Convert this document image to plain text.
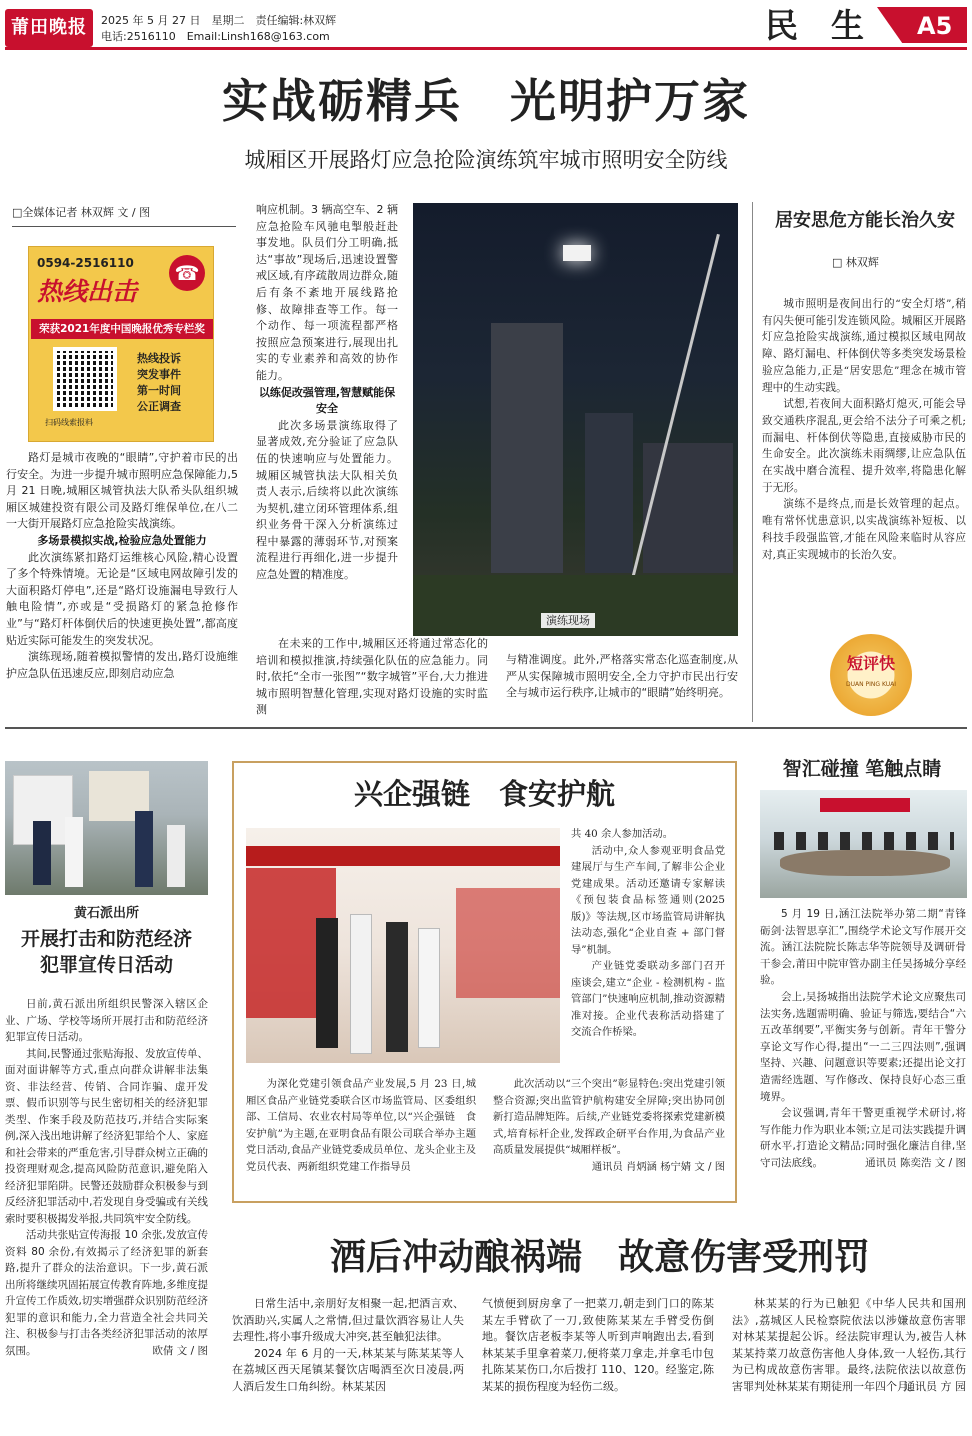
莆田晚报	2025 年 5 月 27 日　星期二　责任编辑:林双辉
电话:2516110　Email:Linsh168@163.com	民　生 A5
实战砺精兵　光明护万家
城厢区开展路灯应急抢险演练筑牢城市照明安全防线
□全媒体记者 林双辉 文 / 图
0594-2516110 ☎
热线出击
荣获2021年度中国晚报优秀专栏奖
扫码线索报料
热线投诉
突发事件
第一时间
公正调查

路灯是城市夜晚的“眼睛”,守护着市民的出行安全。为进一步提升城市照明应急保障能力,5 月 21 日晚,城厢区城管执法大队希头队组织城厢区城建投资有限公司及路灯维保单位,在八二一大街开展路灯应急抢险实战演练。

多场景模拟实战,检验应急处置能力

此次演练紧扣路灯运维核心风险,精心设置了多个特殊情境。无论是“区域电网故障引发的大面积路灯停电”,还是“路灯设施漏电导致行人触电险情”,亦或是“受损路灯的紧急抢修作业”与“路灯杆体倒伏后的快速更换处置”,都高度贴近实际可能发生的突发状况。

演练现场,随着模拟警情的发出,路灯设施维护应急队伍迅速反应,即刻启动应急

响应机制。3 辆高空车、2 辆应急抢险车风驰电掣般赶赴事发地。队员们分工明确,抵达“事故”现场后,迅速设置警戒区域,有序疏散周边群众,随后有条不紊地开展线路抢修、故障排查等工作。每一个动作、每一项流程都严格按照应急预案进行,展现出扎实的专业素养和高效的协作能力。

以练促改强管理,智慧赋能保安全

此次多场景演练取得了显著成效,充分验证了应急队伍的快速响应与处置能力。城厢区城管执法大队相关负责人表示,后续将以此次演练为契机,建立闭环管理体系,组织业务骨干深入分析演练过程中暴露的薄弱环节,对预案流程进行再细化,进一步提升应急处置的精准度。

演练现场

在未来的工作中,城厢区还将通过常态化的培训和模拟推演,持续强化队伍的应急能力。同时,依托“全市一张图”“数字城管”平台,大力推进城市照明智慧化管理,实现对路灯设施的实时监测

与精准调度。此外,严格落实常态化巡查制度,从严从实保障城市照明安全,全力守护市民出行安全与城市运行秩序,让城市的“眼睛”始终明亮。

居安思危方能长治久安
□ 林双辉

城市照明是夜间出行的“安全灯塔”,稍有闪失便可能引发连锁风险。城厢区开展路灯应急抢险实战演练,通过模拟区域电网故障、路灯漏电、杆体倒伏等多类突发场景检验应急能力,正是“居安思危”理念在城市管理中的生动实践。

试想,若夜间大面积路灯熄灭,可能会导致交通秩序混乱,更会给不法分子可乘之机;而漏电、杆体倒伏等隐患,直接威胁市民的生命安全。此次演练未雨绸缪,让应急队伍在实战中磨合流程、提升效率,将隐患化解于无形。

演练不是终点,而是长效管理的起点。唯有常怀忧患意识,以实战演练补短板、以科技手段强监管,才能在风险来临时从容应对,真正实现城市的长治久安。

短评快
DUAN PING KUAI
黄石派出所
开展打击和防范经济
犯罪宣传日活动

日前,黄石派出所组织民警深入辖区企业、广场、学校等场所开展打击和防范经济犯罪宣传日活动。

其间,民警通过张贴海报、发放宣传单、面对面讲解等方式,重点向群众讲解非法集资、非法经营、传销、合同诈骗、虚开发票、假币识别等与民生密切相关的经济犯罪类型、作案手段及防范技巧,并结合实际案例,深入浅出地讲解了经济犯罪给个人、家庭和社会带来的严重危害,引导群众树立正确的投资理财观念,提高风险防范意识,避免陷入经济犯罪陷阱。民警还鼓励群众积极参与到反经济犯罪活动中,若发现自身受骗或有关线索时要积极揭发举报,共同筑牢安全防线。

活动共张贴宣传海报 10 余张,发放宣传资料 80 余份,有效揭示了经济犯罪的新套路,提升了群众的法治意识。下一步,黄石派出所将继续巩固拓展宣传教育阵地,多维度提升宣传工作质效,切实增强群众识别防范经济犯罪的意识和能力,全力营造全社会共同关注、积极参与打击各类经济犯罪活动的浓厚氛围。	欧倩 文 / 图

兴企强链　食安护航

为深化党建引领食品产业发展,5 月 23 日,城厢区食品产业链党委联合区市场监管局、区委组织部、工信局、农业农村局等单位,以“兴企强链　食安护航”为主题,在亚明食品有限公司联合举办主题党日活动,食品产业链党委成员单位、龙头企业主及党员代表、两新组织党建工作指导员

共 40 余人参加活动。

活动中,众人参观亚明食品党建展厅与生产车间,了解非公企业党建成果。活动还邀请专家解读《预包装食品标签通则(2025 版)》等法规,区市场监管局讲解执法动态,强化“企业自查 + 部门督导”机制。

产业链党委联动多部门召开座谈会,建立“企业 - 检测机构 - 监管部门”快速响应机制,推动资源精准对接。企业代表称活动搭建了交流合作桥梁。

此次活动以“三个突出”彰显特色:突出党建引领整合资源;突出监管护航构建安全屏障;突出协同创新打造品牌矩阵。后续,产业链党委将探索党建新模式,培育标杆企业,发挥政企研平台作用,为食品产业高质量发展提供“城厢样板”。

通讯员 肖炳涵 杨宁婧 文 / 图

智汇碰撞 笔触点睛

5 月 19 日,涵江法院举办第二期“青锋砺剑·法智思享汇”,围绕学术论文写作展开交流。涵江法院院长陈志华等院领导及调研骨干参会,莆田中院审管办副主任吴扬城分享经验。

会上,吴扬城指出法院学术论文应聚焦司法实务,选题需明确、验证与筛选,要结合“六五改革纲要”,平衡实务与创新。青年干警分享论文写作心得,提出“一二三四法则”,强调坚持、兴趣、问题意识等要素;还提出论文打造需经选题、写作修改、保持良好心态三重境界。

会议强调,青年干警更重视学术研讨,将写作能力作为职业本领;立足司法实践提升调研水平,打造论文精品;同时强化廉洁自律,坚守司法底线。	通讯员 陈奕浩 文 / 图

酒后冲动酿祸端　故意伤害受刑罚

日常生活中,亲朋好友相聚一起,把酒言欢、饮酒助兴,实属人之常情,但过量饮酒容易让人失去理性,将小事升级成大冲突,甚至触犯法律。

2024 年 6 月的一天,林某某与陈某某等人在荔城区西天尾镇某餐饮店喝酒至次日凌晨,两人酒后发生口角纠纷。林某某因

气愤便到厨房拿了一把菜刀,朝走到门口的陈某某左手臂砍了一刀,致使陈某某左手臂受伤倒地。餐饮店老板李某等人听到声响跑出去,看到林某某手里拿着菜刀,便将菜刀拿走,并拿毛巾包扎陈某某伤口,尔后拨打 110、120。经鉴定,陈某某的损伤程度为轻伤二级。

林某某的行为已触犯《中华人民共和国刑法》,荔城区人民检察院依法以涉嫌故意伤害罪对林某某提起公诉。经法院审理认为,被告人林某某持菜刀故意伤害他人身体,致一人轻伤,其行为已构成故意伤害罪。最终,法院依法以故意伤害罪判处林某某有期徒刑一年四个月。

通讯员 方 园
